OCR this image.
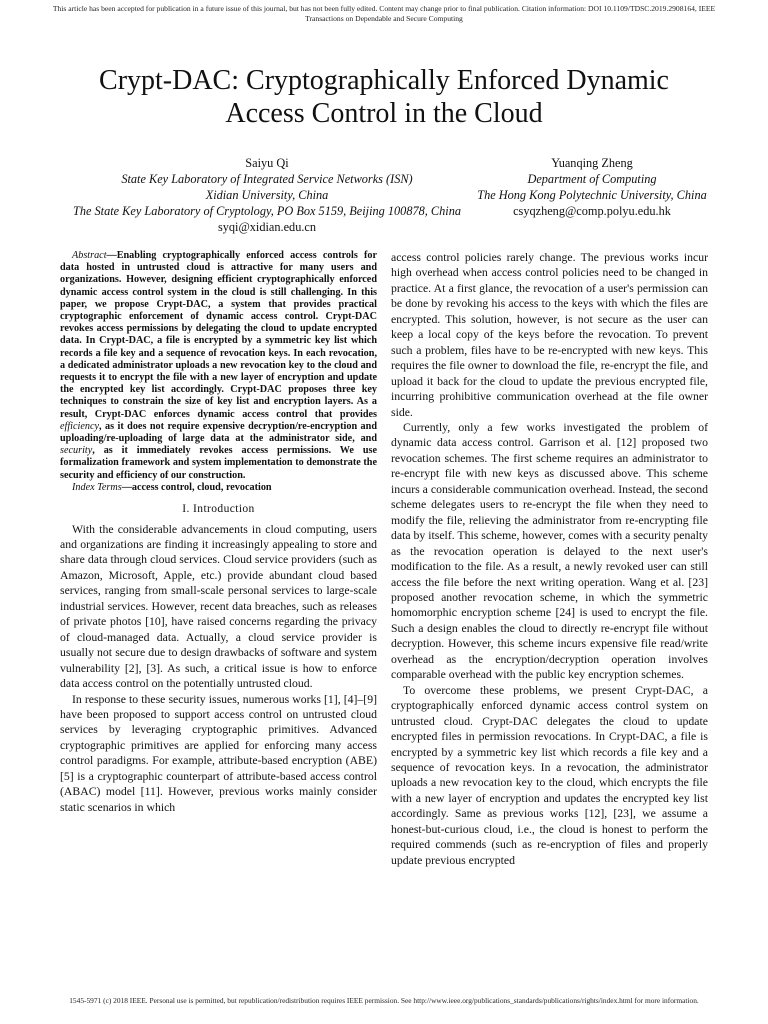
This article has been accepted for publication in a future issue of this journal, but has not been fully edited. Content may change prior to final publication. Citation information: DOI 10.1109/TDSC.2019.2908164, IEEE
Transactions on Dependable and Secure Computing
Crypt-DAC: Cryptographically Enforced Dynamic
Access Control in the Cloud
Saiyu Qi
State Key Laboratory of Integrated Service Networks (ISN)
Xidian University, China
The State Key Laboratory of Cryptology, PO Box 5159, Beijing 100878, China
syqi@xidian.edu.cn
Yuanqing Zheng
Department of Computing
The Hong Kong Polytechnic University, China
csyqzheng@comp.polyu.edu.hk

Abstract—Enabling cryptographically enforced access controls for data hosted in untrusted cloud is attractive for many users and organizations. However, designing efficient cryptographically enforced dynamic access control system in the cloud is still challenging. In this paper, we propose Crypt-DAC, a system that provides practical cryptographic enforcement of dynamic access control. Crypt-DAC revokes access permissions by delegating the cloud to update encrypted data. In Crypt-DAC, a file is encrypted by a symmetric key list which records a file key and a sequence of revocation keys. In each revocation, a dedicated administrator uploads a new revocation key to the cloud and requests it to encrypt the file with a new layer of encryption and update the encrypted key list accordingly. Crypt-DAC proposes three key techniques to constrain the size of key list and encryption layers. As a result, Crypt-DAC enforces dynamic access control that provides efficiency, as it does not require expensive decryption/re-encryption and uploading/re-uploading of large data at the administrator side, and security, as it immediately revokes access permissions. We use formalization framework and system implementation to demonstrate the security and efficiency of our construction.

Index Terms—access control, cloud, revocation

I. Introduction

With the considerable advancements in cloud computing, users and organizations are finding it increasingly appealing to store and share data through cloud services. Cloud service providers (such as Amazon, Microsoft, Apple, etc.) provide abundant cloud based services, ranging from small-scale personal services to large-scale industrial services. However, recent data breaches, such as releases of private photos [10], have raised concerns regarding the privacy of cloud-managed data. Actually, a cloud service provider is usually not secure due to design drawbacks of software and system vulnerability [2], [3]. As such, a critical issue is how to enforce data access control on the potentially untrusted cloud.

In response to these security issues, numerous works [1], [4]–[9] have been proposed to support access control on untrusted cloud services by leveraging cryptographic primitives. Advanced cryptographic primitives are applied for enforcing many access control paradigms. For example, attribute-based encryption (ABE) [5] is a cryptographic counterpart of attribute-based access control (ABAC) model [11]. However, previous works mainly consider static scenarios in which

access control policies rarely change. The previous works incur high overhead when access control policies need to be changed in practice. At a first glance, the revocation of a user's permission can be done by revoking his access to the keys with which the files are encrypted. This solution, however, is not secure as the user can keep a local copy of the keys before the revocation. To prevent such a problem, files have to be re-encrypted with new keys. This requires the file owner to download the file, re-encrypt the file, and upload it back for the cloud to update the previous encrypted file, incurring prohibitive communication overhead at the file owner side.

Currently, only a few works investigated the problem of dynamic data access control. Garrison et al. [12] proposed two revocation schemes. The first scheme requires an administrator to re-encrypt file with new keys as discussed above. This scheme incurs a considerable communication overhead. Instead, the second scheme delegates users to re-encrypt the file when they need to modify the file, relieving the administrator from re-encrypting file data by itself. This scheme, however, comes with a security penalty as the revocation operation is delayed to the next user's modification to the file. As a result, a newly revoked user can still access the file before the next writing operation. Wang et al. [23] proposed another revocation scheme, in which the symmetric homomorphic encryption scheme [24] is used to encrypt the file. Such a design enables the cloud to directly re-encrypt file without decryption. However, this scheme incurs expensive file read/write overhead as the encryption/decryption operation involves comparable overhead with the public key encryption schemes.

To overcome these problems, we present Crypt-DAC, a cryptographically enforced dynamic access control system on untrusted cloud. Crypt-DAC delegates the cloud to update encrypted files in permission revocations. In Crypt-DAC, a file is encrypted by a symmetric key list which records a file key and a sequence of revocation keys. In a revocation, the administrator uploads a new revocation key to the cloud, which encrypts the file with a new layer of encryption and updates the encrypted key list accordingly. Same as previous works [12], [23], we assume a honest-but-curious cloud, i.e., the cloud is honest to perform the required commends (such as re-encryption of files and properly update previous encrypted

1545-5971 (c) 2018 IEEE. Personal use is permitted, but republication/redistribution requires IEEE permission. See http://www.ieee.org/publications_standards/publications/rights/index.html for more information.
